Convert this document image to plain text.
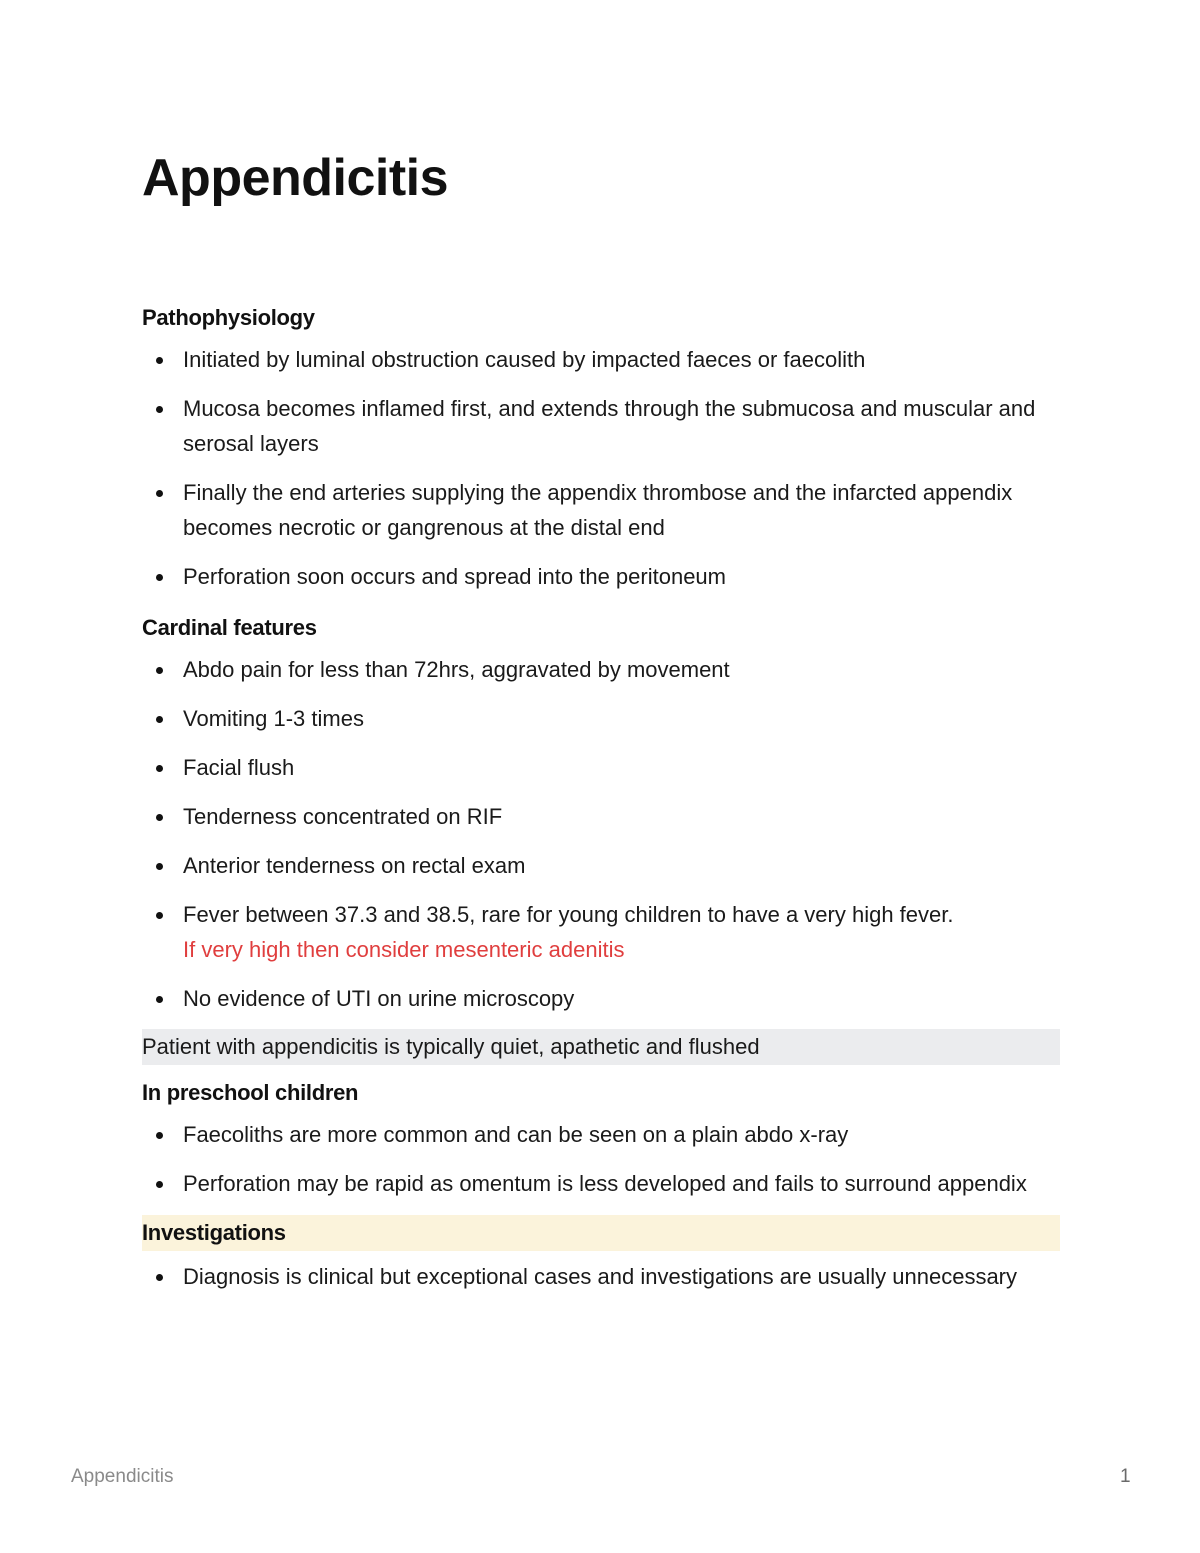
Appendicitis
Pathophysiology
Initiated by luminal obstruction caused by impacted faeces or faecolith
Mucosa becomes inflamed first, and extends through the submucosa and muscular and serosal layers
Finally the end arteries supplying the appendix thrombose and the infarcted appendix becomes necrotic or gangrenous at the distal end
Perforation soon occurs and spread into the peritoneum
Cardinal features
Abdo pain for less than 72hrs, aggravated by movement
Vomiting 1-3 times
Facial flush
Tenderness concentrated on RIF
Anterior tenderness on rectal exam
Fever between 37.3 and 38.5, rare for young children to have a very high fever.
If very high then consider mesenteric adenitis
No evidence of UTI on urine microscopy
Patient with appendicitis is typically quiet, apathetic and flushed
In preschool children
Faecoliths are more common and can be seen on a plain abdo x-ray
Perforation may be rapid as omentum is less developed and fails to surround appendix
Investigations
Diagnosis is clinical but exceptional cases and investigations are usually unnecessary
Appendicitis	1
